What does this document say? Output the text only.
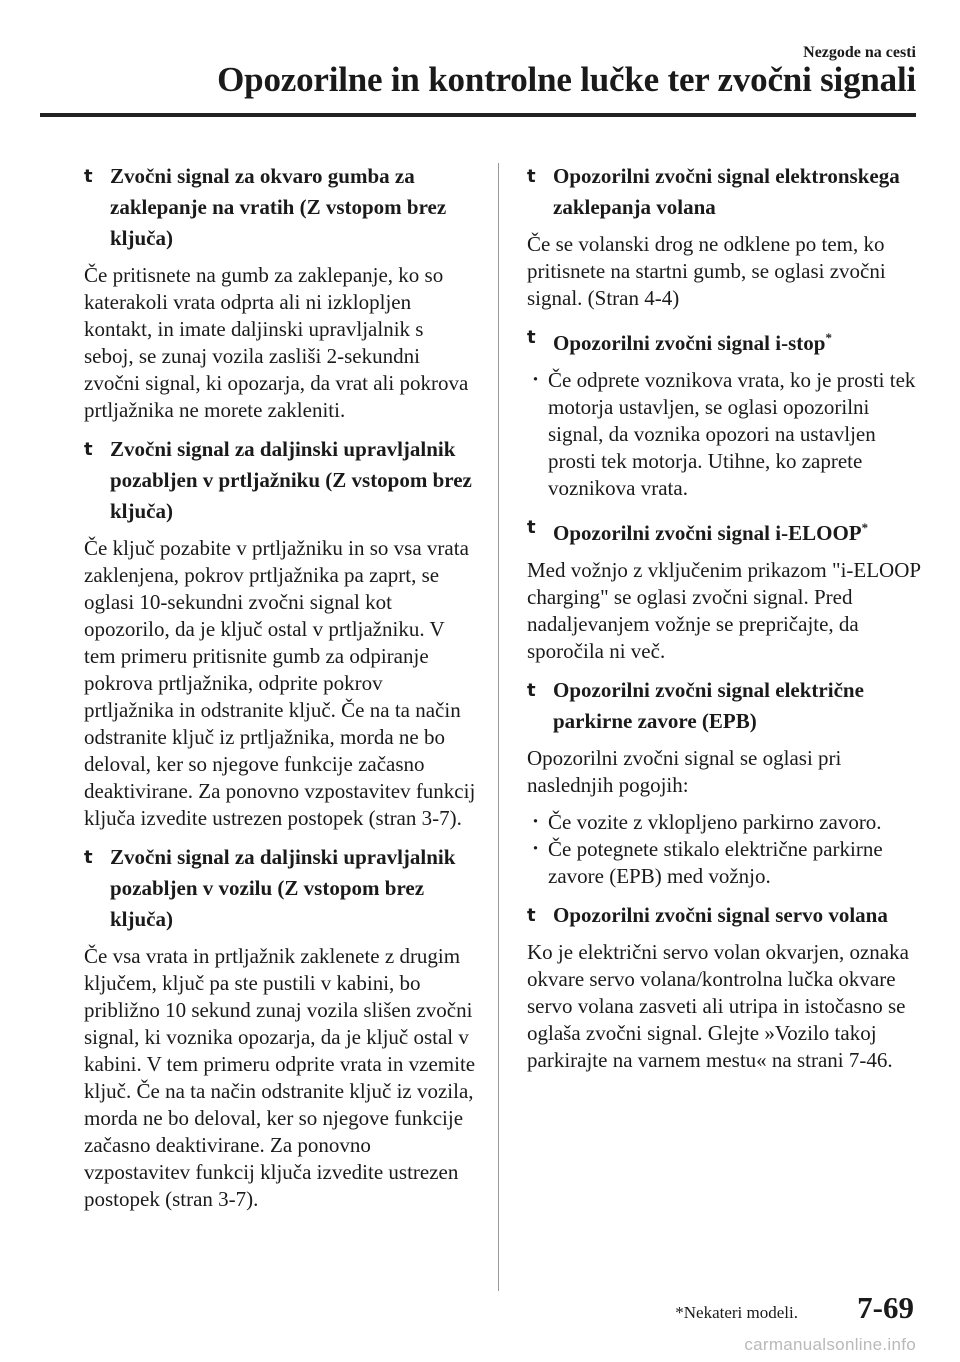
Nezgode na cesti
Opozorilne in kontrolne lučke ter zvočni signali
t Zvočni signal za okvaro gumba za zaklepanje na vratih (Z vstopom brez ključa)

Če pritisnete na gumb za zaklepanje, ko so katerakoli vrata odprta ali ni izklopljen kontakt, in imate daljinski upravljalnik s seboj, se zunaj vozila zasliši 2-sekundni zvočni signal, ki opozarja, da vrat ali pokrova prtljažnika ne morete zakleniti.

t Zvočni signal za daljinski upravljalnik pozabljen v prtljažniku (Z vstopom brez ključa)

Če ključ pozabite v prtljažniku in so vsa vrata zaklenjena, pokrov prtljažnika pa zaprt, se oglasi 10-sekundni zvočni signal kot opozorilo, da je ključ ostal v prtljažniku. V tem primeru pritisnite gumb za odpiranje pokrova prtljažnika, odprite pokrov prtljažnika in odstranite ključ. Če na ta način odstranite ključ iz prtljažnika, morda ne bo deloval, ker so njegove funkcije začasno deaktivirane. Za ponovno vzpostavitev funkcij ključa izvedite ustrezen postopek (stran 3-7).

t Zvočni signal za daljinski upravljalnik pozabljen v vozilu (Z vstopom brez ključa)

Če vsa vrata in prtljažnik zaklenete z drugim ključem, ključ pa ste pustili v kabini, bo približno 10 sekund zunaj vozila slišen zvočni signal, ki voznika opozarja, da je ključ ostal v kabini. V tem primeru odprite vrata in vzemite ključ. Če na ta način odstranite ključ iz vozila, morda ne bo deloval, ker so njegove funkcije začasno deaktivirane. Za ponovno vzpostavitev funkcij ključa izvedite ustrezen postopek (stran 3-7).

t Opozorilni zvočni signal elektronskega zaklepanja volana

Če se volanski drog ne odklene po tem, ko pritisnete na startni gumb, se oglasi zvočni signal. (Stran 4-4)

t Opozorilni zvočni signal i-stop*
· Če odprete voznikova vrata, ko je prosti tek motorja ustavljen, se oglasi opozorilni signal, da voznika opozori na ustavljen prosti tek motorja. Utihne, ko zaprete voznikova vrata.
t Opozorilni zvočni signal i-ELOOP*

Med vožnjo z vključenim prikazom "i-ELOOP charging" se oglasi zvočni signal. Pred nadaljevanjem vožnje se prepričajte, da sporočila ni več.

t Opozorilni zvočni signal električne parkirne zavore (EPB)

Opozorilni zvočni signal se oglasi pri naslednjih pogojih:

· Če vozite z vklopljeno parkirno zavoro.
· Če potegnete stikalo električne parkirne zavore (EPB) med vožnjo.
t Opozorilni zvočni signal servo volana

Ko je električni servo volan okvarjen, oznaka okvare servo volana/kontrolna lučka okvare servo volana zasveti ali utripa in istočasno se oglaša zvočni signal. Glejte »Vozilo takoj parkirajte na varnem mestu« na strani 7-46.

*Nekateri modeli. 7-69
carmanualsonline.info
